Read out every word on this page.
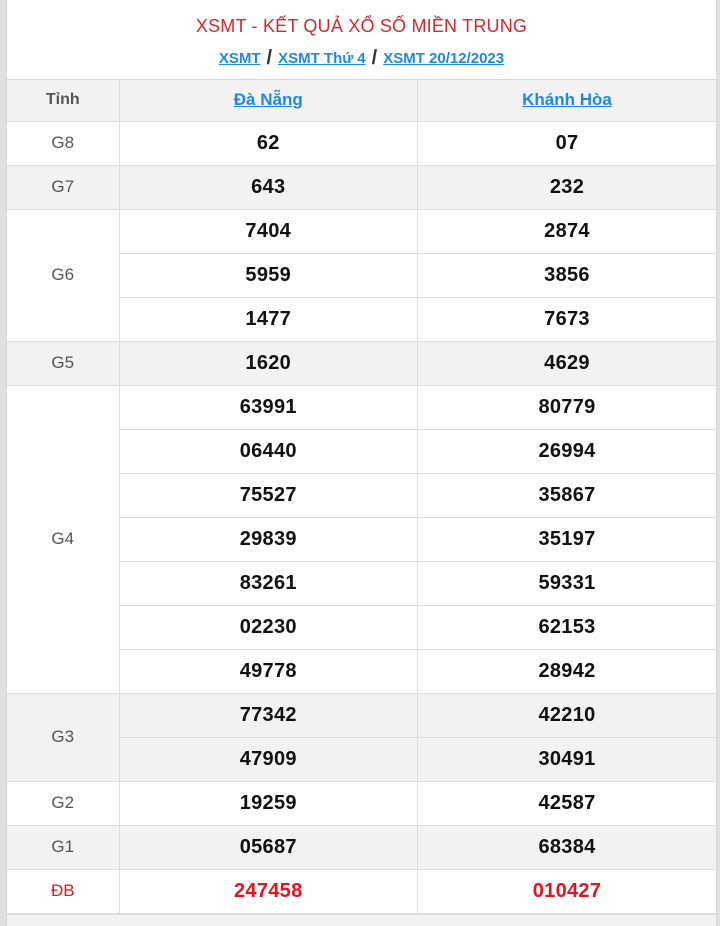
XSMT - KẾT QUẢ XỔ SỐ MIỀN TRUNG
XSMT / XSMT Thứ 4 / XSMT 20/12/2023
Tỉnh	Đà Nẵng	Khánh Hòa
G8	62	07
G7	643	232
G6	7404	2874
	5959	3856
	1477	7673
G5	1620	4629
G4	63991	80779
	06440	26994
	75527	35867
	29839	35197
	83261	59331
	02230	62153
	49778	28942
G3	77342	42210
	47909	30491
G2	19259	42587
G1	05687	68384
ĐB	247458	010427
